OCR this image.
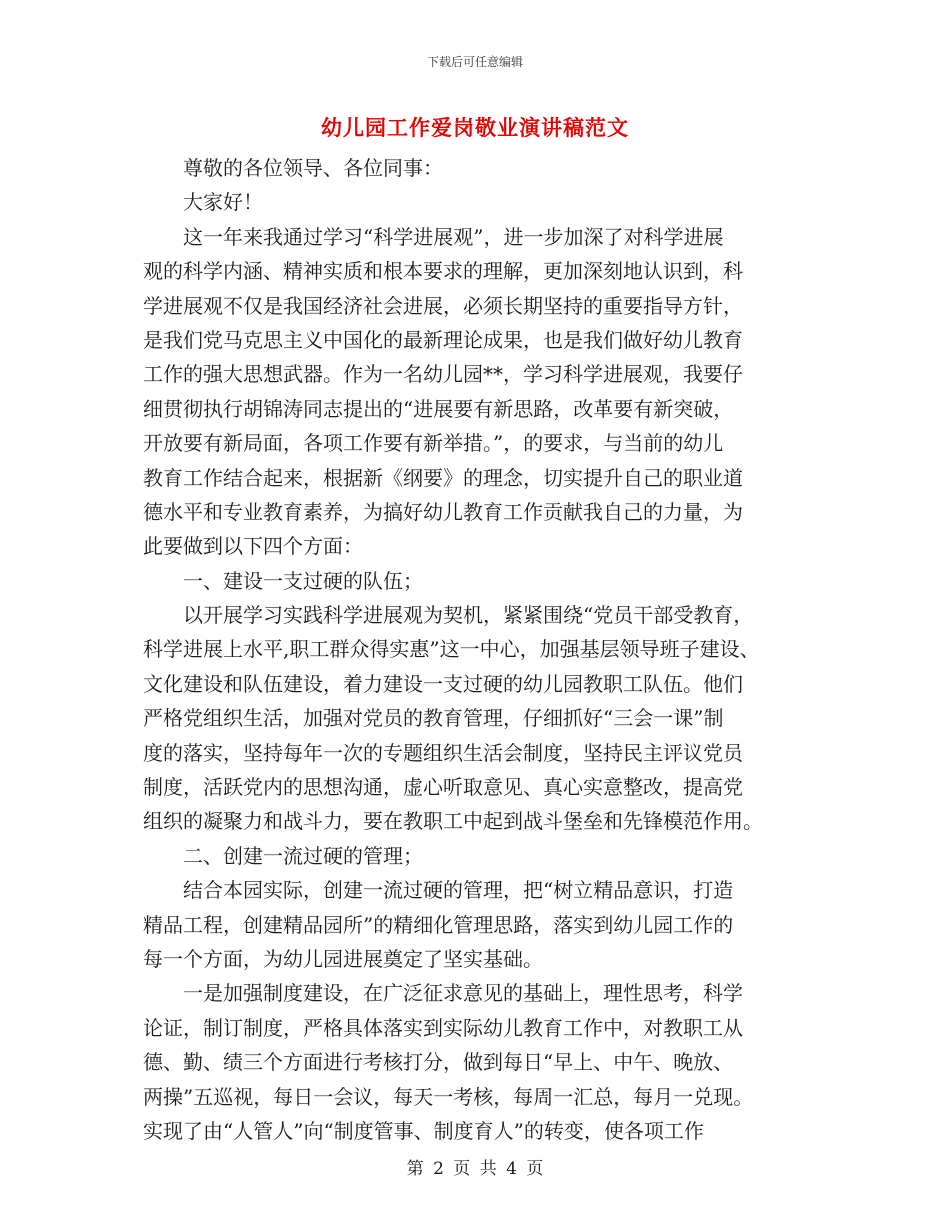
下载后可任意编辑
幼儿园工作爱岗敬业演讲稿范文
　　尊敬的各位领导、各位同事：
　　大家好！
　　这一年来我通过学习“科学进展观”，进一步加深了对科学进展
观的科学内涵、精神实质和根本要求的理解，更加深刻地认识到，科
学进展观不仅是我国经济社会进展，必须长期坚持的重要指导方针，
是我们党马克思主义中国化的最新理论成果，也是我们做好幼儿教育
工作的强大思想武器。作为一名幼儿园**，学习科学进展观，我要仔
细贯彻执行胡锦涛同志提出的“进展要有新思路，改革要有新突破，
开放要有新局面，各项工作要有新举措。”，的要求，与当前的幼儿
教育工作结合起来，根据新《纲要》的理念，切实提升自己的职业道
德水平和专业教育素养，为搞好幼儿教育工作贡献我自己的力量，为
此要做到以下四个方面：
　　一、建设一支过硬的队伍；
　　以开展学习实践科学进展观为契机，紧紧围绕“党员干部受教育，
科学进展上水平,职工群众得实惠”这一中心，加强基层领导班子建设、
文化建设和队伍建设，着力建设一支过硬的幼儿园教职工队伍。他们
严格党组织生活，加强对党员的教育管理，仔细抓好“三会一课”制
度的落实，坚持每年一次的专题组织生活会制度，坚持民主评议党员
制度，活跃党内的思想沟通，虚心听取意见、真心实意整改，提高党
组织的凝聚力和战斗力，要在教职工中起到战斗堡垒和先锋模范作用。
　　二、创建一流过硬的管理；
　　结合本园实际，创建一流过硬的管理，把“树立精品意识，打造
精品工程，创建精品园所”的精细化管理思路，落实到幼儿园工作的
每一个方面，为幼儿园进展奠定了坚实基础。
　　一是加强制度建设，在广泛征求意见的基础上，理性思考，科学
论证，制订制度，严格具体落实到实际幼儿教育工作中，对教职工从
德、勤、绩三个方面进行考核打分，做到每日“早上、中午、晚放、
两操”五巡视，每日一会议，每天一考核，每周一汇总，每月一兑现。
实现了由“人管人”向“制度管事、制度育人”的转变，使各项工作
第 2 页 共 4 页
